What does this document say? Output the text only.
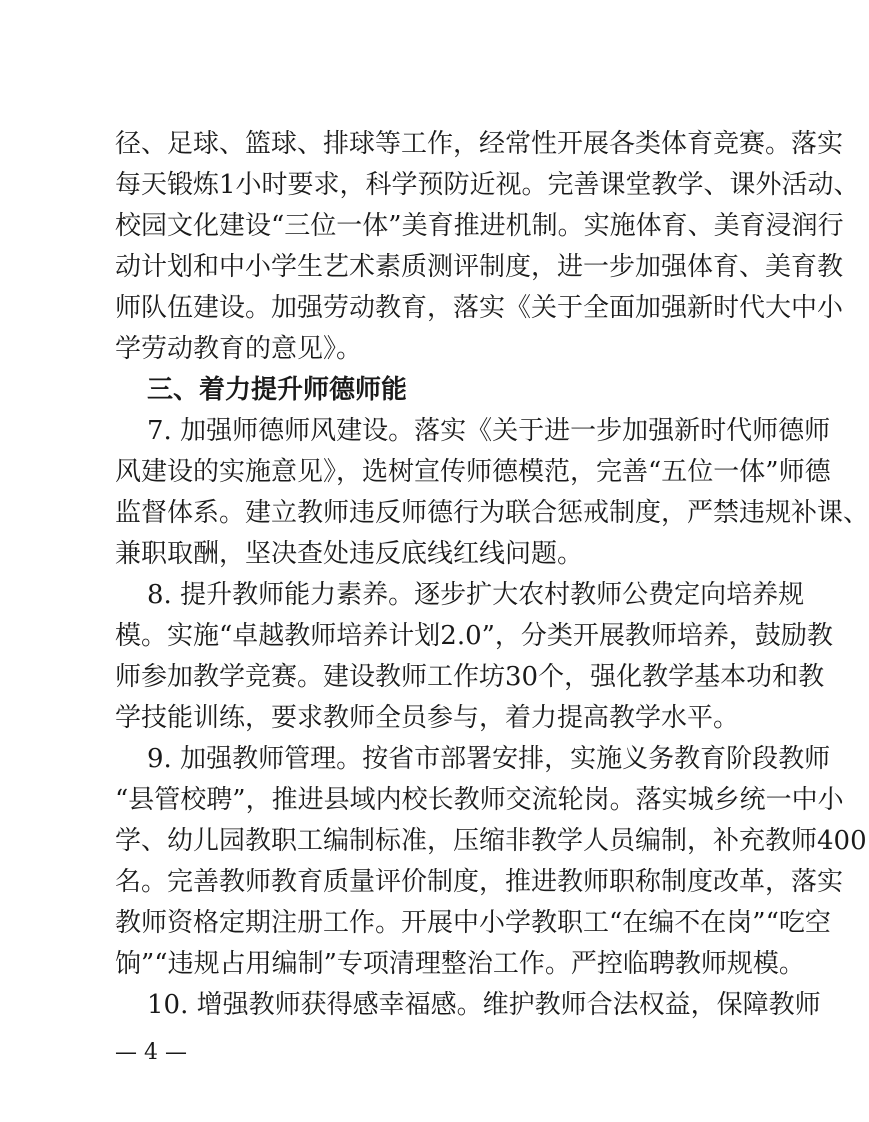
径、足球、篮球、排球等工作，经常性开展各类体育竞赛。落实
每天锻炼1小时要求，科学预防近视。完善课堂教学、课外活动、
校园文化建设“三位一体”美育推进机制。实施体育、美育浸润行
动计划和中小学生艺术素质测评制度，进一步加强体育、美育教
师队伍建设。加强劳动教育，落实《关于全面加强新时代大中小
学劳动教育的意见》。
三、着力提升师德师能
7. 加强师德师风建设。落实《关于进一步加强新时代师德师
风建设的实施意见》，选树宣传师德模范，完善“五位一体”师德
监督体系。建立教师违反师德行为联合惩戒制度，严禁违规补课、
兼职取酬，坚决查处违反底线红线问题。
8. 提升教师能力素养。逐步扩大农村教师公费定向培养规
模。实施“卓越教师培养计划2.0”，分类开展教师培养，鼓励教
师参加教学竞赛。建设教师工作坊30个，强化教学基本功和教
学技能训练，要求教师全员参与，着力提高教学水平。
9. 加强教师管理。按省市部署安排，实施义务教育阶段教师
“县管校聘”，推进县域内校长教师交流轮岗。落实城乡统一中小
学、幼儿园教职工编制标准，压缩非教学人员编制，补充教师400
名。完善教师教育质量评价制度，推进教师职称制度改革，落实
教师资格定期注册工作。开展中小学教职工“在编不在岗”“吃空
饷”“违规占用编制”专项清理整治工作。严控临聘教师规模。
10. 增强教师获得感幸福感。维护教师合法权益，保障教师
— 4 —
